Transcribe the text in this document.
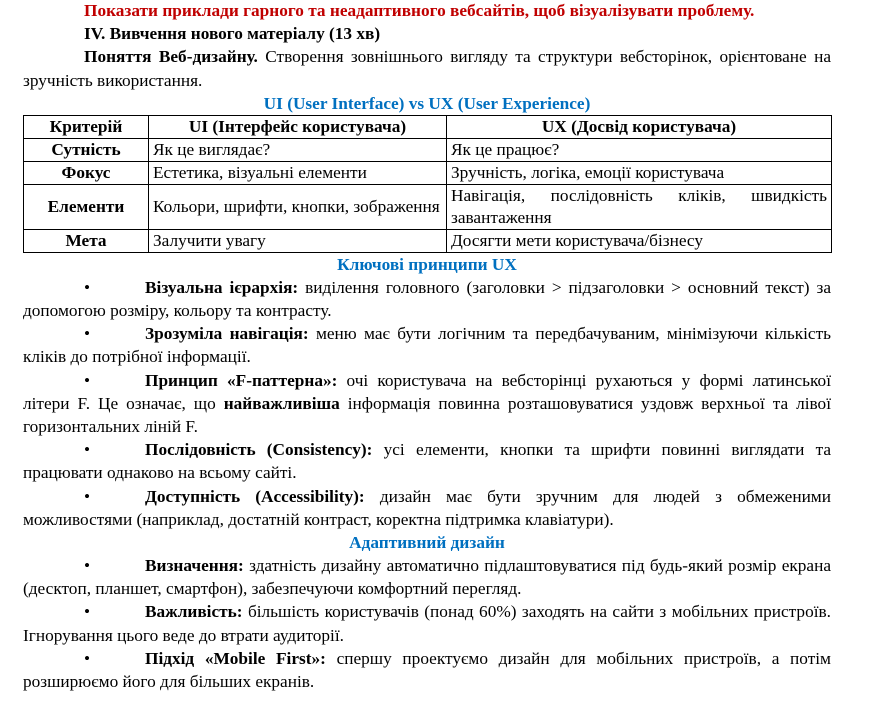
Показати приклади гарного та неадаптивного вебсайтів, щоб візуалізувати проблему.

IV. Вивчення нового матеріалу (13 хв)

Поняття Веб-дизайну. Створення зовнішнього вигляду та структури вебсторінок, орієнтоване на зручність використання.

UI (User Interface) vs UX (User Experience)

Критерій	UI (Інтерфейс користувача)	UX (Досвід користувача)
Сутність	Як це виглядає?	Як це працює?
Фокус	Естетика, візуальні елементи	Зручність, логіка, емоції користувача
Елементи	Кольори, шрифти, кнопки, зображення	Навігація, послідовність кліків, швидкість завантаження
Мета	Залучити увагу	Досягти мети користувача/бізнесу

Ключові принципи UX

•	Візуальна ієрархія: виділення головного (заголовки > підзаголовки > основний текст) за допомогою розміру, кольору та контрасту.

•	Зрозуміла навігація: меню має бути логічним та передбачуваним, мінімізуючи кількість кліків до потрібної інформації.

•	Принцип «F-паттерна»: очі користувача на вебсторінці рухаються у формі латинської літери F. Це означає, що найважливіша інформація повинна розташовуватися уздовж верхньої та лівої горизонтальних ліній F.

•	Послідовність (Consistency): усі елементи, кнопки та шрифти повинні виглядати та працювати однаково на всьому сайті.

•	Доступність (Accessibility): дизайн має бути зручним для людей з обмеженими можливостями (наприклад, достатній контраст, коректна підтримка клавіатури).

Адаптивний дизайн

•	Визначення: здатність дизайну автоматично підлаштовуватися під будь-який розмір екрана (десктоп, планшет, смартфон), забезпечуючи комфортний перегляд.

•	Важливість: більшість користувачів (понад 60%) заходять на сайти з мобільних пристроїв. Ігнорування цього веде до втрати аудиторії.

•	Підхід «Mobile First»: спершу проектуємо дизайн для мобільних пристроїв, а потім розширюємо його для більших екранів.
